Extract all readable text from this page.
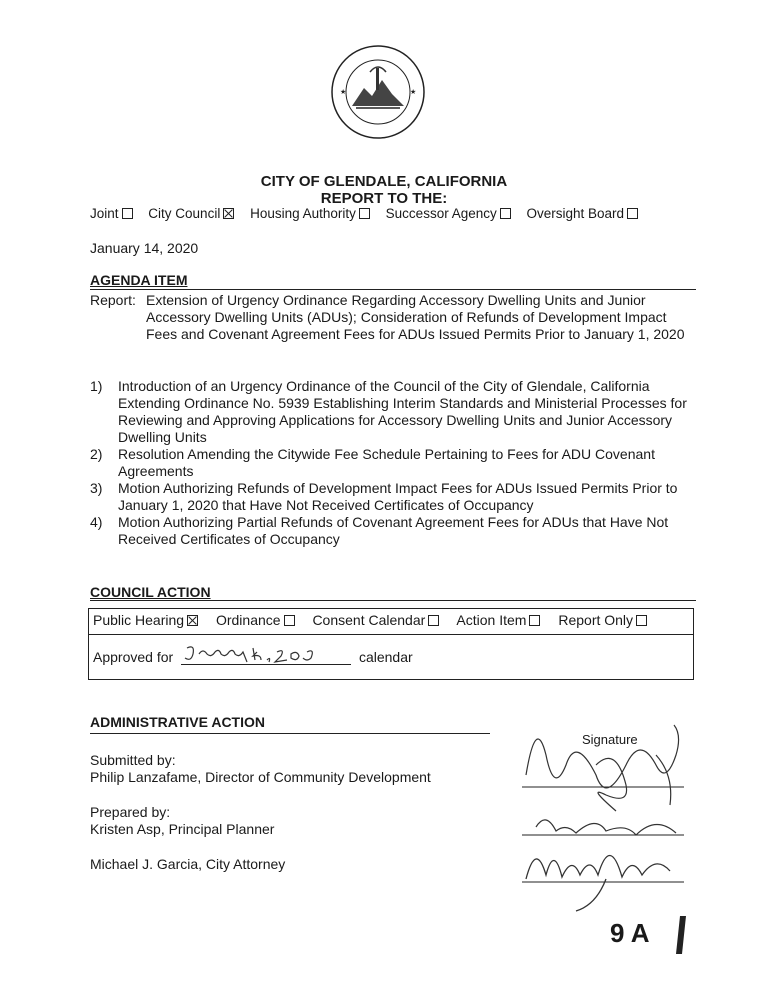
★	★
CITY OF GLENDALE, CALIFORNIA
REPORT TO THE:
Joint City Council Housing Authority Successor Agency Oversight Board
January 14, 2020
AGENDA ITEM
Report: Extension of Urgency Ordinance Regarding Accessory Dwelling Units and Junior Accessory Dwelling Units (ADUs); Consideration of Refunds of Development Impact Fees and Covenant Agreement Fees for ADUs Issued Permits Prior to January 1, 2020
1) Introduction of an Urgency Ordinance of the Council of the City of Glendale, California Extending Ordinance No. 5939 Establishing Interim Standards and Ministerial Processes for Reviewing and Approving Applications for Accessory Dwelling Units and Junior Accessory Dwelling Units
2) Resolution Amending the Citywide Fee Schedule Pertaining to Fees for ADU Covenant Agreements
3) Motion Authorizing Refunds of Development Impact Fees for ADUs Issued Permits Prior to January 1, 2020 that Have Not Received Certificates of Occupancy
4) Motion Authorizing Partial Refunds of Covenant Agreement Fees for ADUs that Have Not Received Certificates of Occupancy
COUNCIL ACTION
Public Hearing Ordinance Consent Calendar Action Item Report Only
Approved for	calendar
ADMINISTRATIVE ACTION
Submitted by:
Philip Lanzafame, Director of Community Development
Prepared by:
Kristen Asp, Principal Planner
Michael J. Garcia, City Attorney
Signature
9 A
